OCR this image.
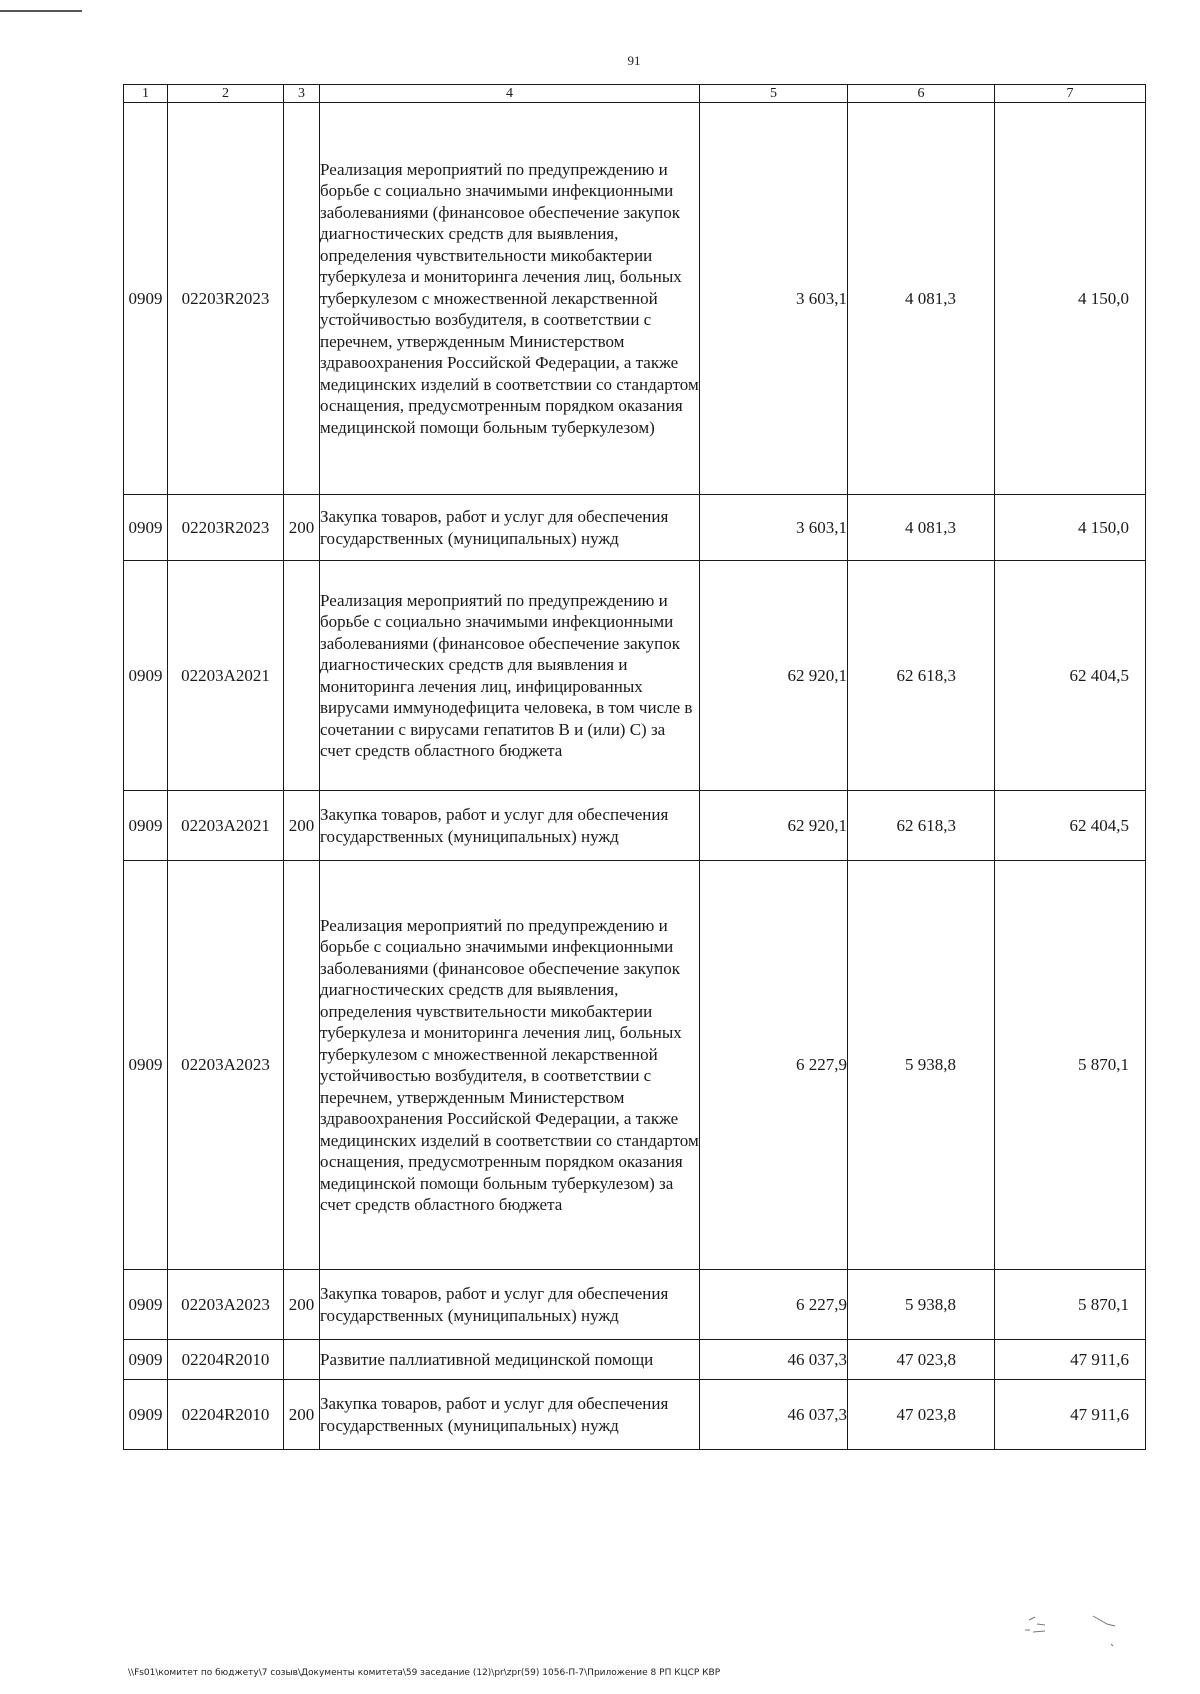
91
1	2	3	4	5	6	7
0909	02203R2023		Реализация мероприятий по предупреждению и борьбе с социально значимыми инфекционными заболеваниями (финансовое обеспечение закупок диагностических средств для выявления, определения чувствительности микобактерии туберкулеза и мониторинга лечения лиц, больных туберкулезом с множественной лекарственной устойчивостью возбудителя, в соответствии с перечнем, утвержденным Министерством здравоохранения Российской Федерации, а также медицинских изделий в соответствии со стандартом оснащения, предусмотренным порядком оказания медицинской помощи больным туберкулезом)	3 603,1	4 081,3	4 150,0
0909	02203R2023	200	Закупка товаров, работ и услуг для обеспечения государственных (муниципальных) нужд	3 603,1	4 081,3	4 150,0
0909	02203А2021		Реализация мероприятий по предупреждению и борьбе с социально значимыми инфекционными заболеваниями (финансовое обеспечение закупок диагностических средств для выявления и мониторинга лечения лиц, инфицированных вирусами иммунодефицита человека, в том числе в сочетании с вирусами гепатитов В и (или) С) за счет средств областного бюджета	62 920,1	62 618,3	62 404,5
0909	02203А2021	200	Закупка товаров, работ и услуг для обеспечения государственных (муниципальных) нужд	62 920,1	62 618,3	62 404,5
0909	02203А2023		Реализация мероприятий по предупреждению и борьбе с социально значимыми инфекционными заболеваниями (финансовое обеспечение закупок диагностических средств для выявления, определения чувствительности микобактерии туберкулеза и мониторинга лечения лиц, больных туберкулезом с множественной лекарственной устойчивостью возбудителя, в соответствии с перечнем, утвержденным Министерством здравоохранения Российской Федерации, а также медицинских изделий в соответствии со стандартом оснащения, предусмотренным порядком оказания медицинской помощи больным туберкулезом) за счет средств областного бюджета	6 227,9	5 938,8	5 870,1
0909	02203А2023	200	Закупка товаров, работ и услуг для обеспечения государственных (муниципальных) нужд	6 227,9	5 938,8	5 870,1
0909	02204R2010		Развитие паллиативной медицинской помощи	46 037,3	47 023,8	47 911,6
0909	02204R2010	200	Закупка товаров, работ и услуг для обеспечения государственных (муниципальных) нужд	46 037,3	47 023,8	47 911,6
\\Fs01\комитет по бюджету\7 созыв\Документы комитета\59 заседание (12)\pr\zpr(59) 1056-П-7\Приложение 8 РП КЦСР КВР
